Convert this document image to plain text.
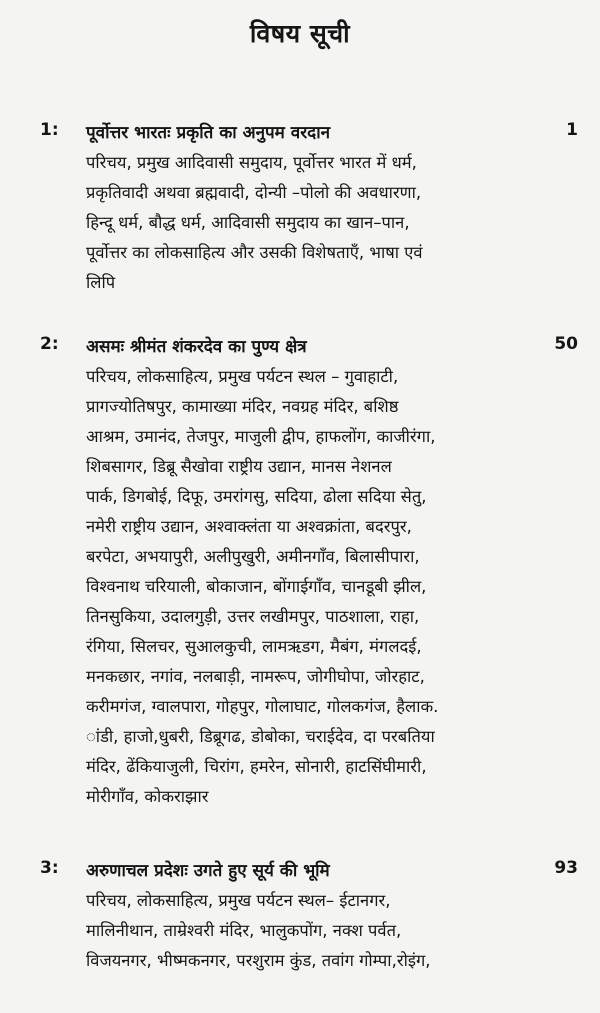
विषय सूची
1: पूर्वोत्तर भारतः प्रकृति का अनुपम वरदान	1
परिचय, प्रमुख आदिवासी समुदाय, पूर्वोत्तर भारत में धर्म,
प्रकृतिवादी अथवा ब्रह्मवादी, दोन्यी –पोलो की अवधारणा,
हिन्दू धर्म, बौद्ध धर्म, आदिवासी समुदाय का खान–पान,
पूर्वोत्तर का लोकसाहित्य और उसकी विशेषताएँ, भाषा एवं
लिपि
2: असमः श्रीमंत शंकरदेव का पुण्य क्षेत्र	50
परिचय, लोकसाहित्य, प्रमुख पर्यटन स्थल – गुवाहाटी,
प्रागज्योतिषपुर, कामाख्या मंदिर, नवग्रह मंदिर, बशिष्ठ
आश्रम, उमानंद, तेजपुर, माजुली द्वीप, हाफलोंग, काजीरंगा,
शिबसागर, डिब्रू सैखोवा राष्ट्रीय उद्यान, मानस नेशनल
पार्क, डिगबोई, दिफू, उमरांगसु, सदिया, ढोला सदिया सेतु,
नमेरी राष्ट्रीय उद्यान, अश्वाक्लंता या अश्वक्रांता, बदरपुर,
बरपेटा, अभयापुरी, अलीपुखुरी, अमीनगाँव, बिलासीपारा,
विश्वनाथ चरियाली, बोकाजान, बोंगाईगाँव, चानडूबी झील,
तिनसुकिया, उदालगुड़ी, उत्तर लखीमपुर, पाठशाला, राहा,
रंगिया, सिलचर, सुआलकुची, लामऋडग, मैबंग, मंगलदई,
मनकछार, नगांव, नलबाड़ी, नामरूप, जोगीघोपा, जोरहाट,
करीमगंज, ग्वालपारा, गोहपुर, गोलाघाट, गोलकगंज, हैलाक.
ांडी, हाजो,धुबरी, डिब्रूगढ, डोबोका, चराईदेव, दा परबतिया
मंदिर, ढेंकियाजुली, चिरांग, हमरेन, सोनारी, हाटसिंघीमारी,
मोरीगाँव, कोकराझार
3: अरुणाचल प्रदेशः उगते हुए सूर्य की भूमि	93
परिचय, लोकसाहित्य, प्रमुख पर्यटन स्थल– ईटानगर,
मालिनीथान, ताम्रेश्वरी मंदिर, भालुकपोंग, नक्श पर्वत,
विजयनगर, भीष्मकनगर, परशुराम कुंड, तवांग गोम्पा,रोइंग,
